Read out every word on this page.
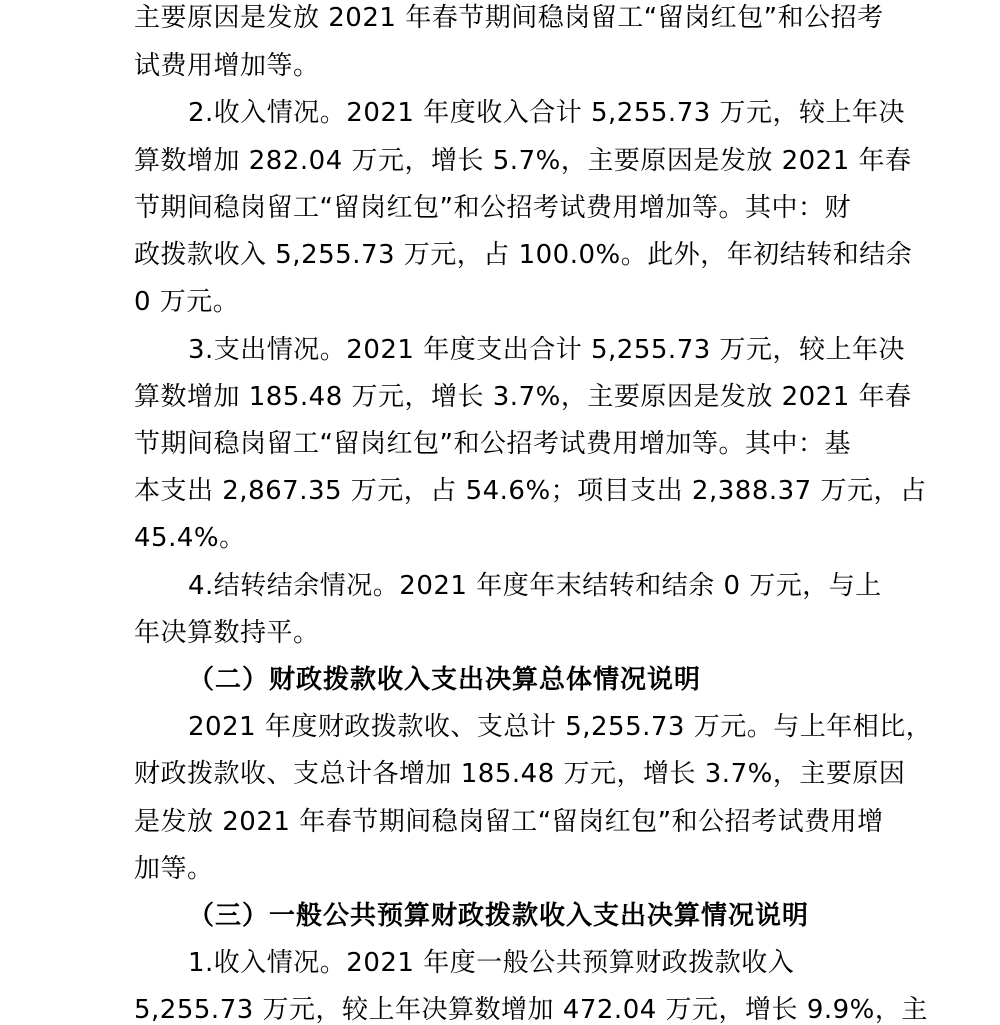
主要原因是发放 2021 年春节期间稳岗留工“留岗红包”和公招考
试费用增加等。
2.收入情况。2021 年度收入合计 5,255.73 万元，较上年决
算数增加 282.04 万元，增长 5.7%，主要原因是发放 2021 年春
节期间稳岗留工“留岗红包”和公招考试费用增加等。其中：财
政拨款收入 5,255.73 万元，占 100.0%。此外，年初结转和结余
0 万元。
3.支出情况。2021 年度支出合计 5,255.73 万元，较上年决
算数增加 185.48 万元，增长 3.7%，主要原因是发放 2021 年春
节期间稳岗留工“留岗红包”和公招考试费用增加等。其中：基
本支出 2,867.35 万元，占 54.6%；项目支出 2,388.37 万元，占
45.4%。
4.结转结余情况。2021 年度年末结转和结余 0 万元，与上
年决算数持平。
（二）财政拨款收入支出决算总体情况说明
2021 年度财政拨款收、支总计 5,255.73 万元。与上年相比，
财政拨款收、支总计各增加 185.48 万元，增长 3.7%，主要原因
是发放 2021 年春节期间稳岗留工“留岗红包”和公招考试费用增
加等。
（三）一般公共预算财政拨款收入支出决算情况说明
1.收入情况。2021 年度一般公共预算财政拨款收入
5,255.73 万元，较上年决算数增加 472.04 万元，增长 9.9%，主
